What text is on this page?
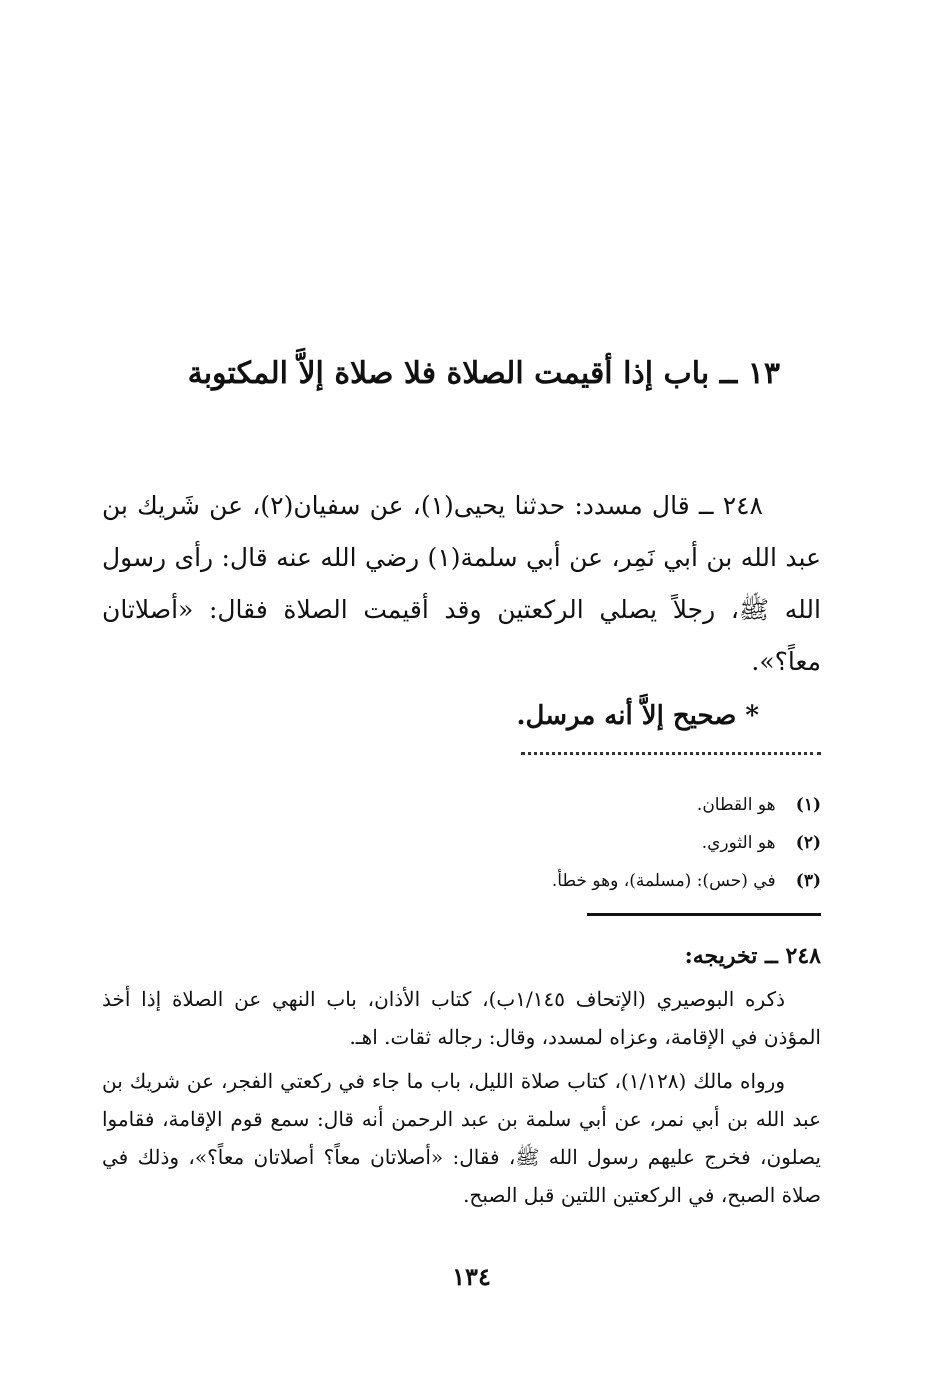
١٣ ــ باب إذا أقيمت الصلاة فلا صلاة إلاَّ المكتوبة

٢٤٨ ــ قال مسدد: حدثنا يحيى(١)، عن سفيان(٢)، عن شَريك بن عبد الله بن أبي نَمِر، عن أبي سلمة(١) رضي الله عنه قال: رأى رسول الله ﷺ، رجلاً يصلي الركعتين وقد أقيمت الصلاة فقال: «أصلاتان معاً؟».

* صحيح إلاَّ أنه مرسل.
(١) هو القطان.
(٢) هو الثوري.
(٣) في (حس): (مسلمة)، وهو خطأ.
٢٤٨ ــ تخريجه:

ذكره البوصيري (الإتحاف ١/١٤٥ب)، كتاب الأذان، باب النهي عن الصلاة إذا أخذ المؤذن في الإقامة، وعزاه لمسدد، وقال: رجاله ثقات. اهـ.

ورواه مالك (١/١٢٨)، كتاب صلاة الليل، باب ما جاء في ركعتي الفجر، عن شريك بن عبد الله بن أبي نمر، عن أبي سلمة بن عبد الرحمن أنه قال: سمع قوم الإقامة، فقاموا يصلون، فخرج عليهم رسول الله ﷺ، فقال: «أصلاتان معاً؟ أصلاتان معاً؟»، وذلك في صلاة الصبح، في الركعتين اللتين قبل الصبح.

١٣٤
